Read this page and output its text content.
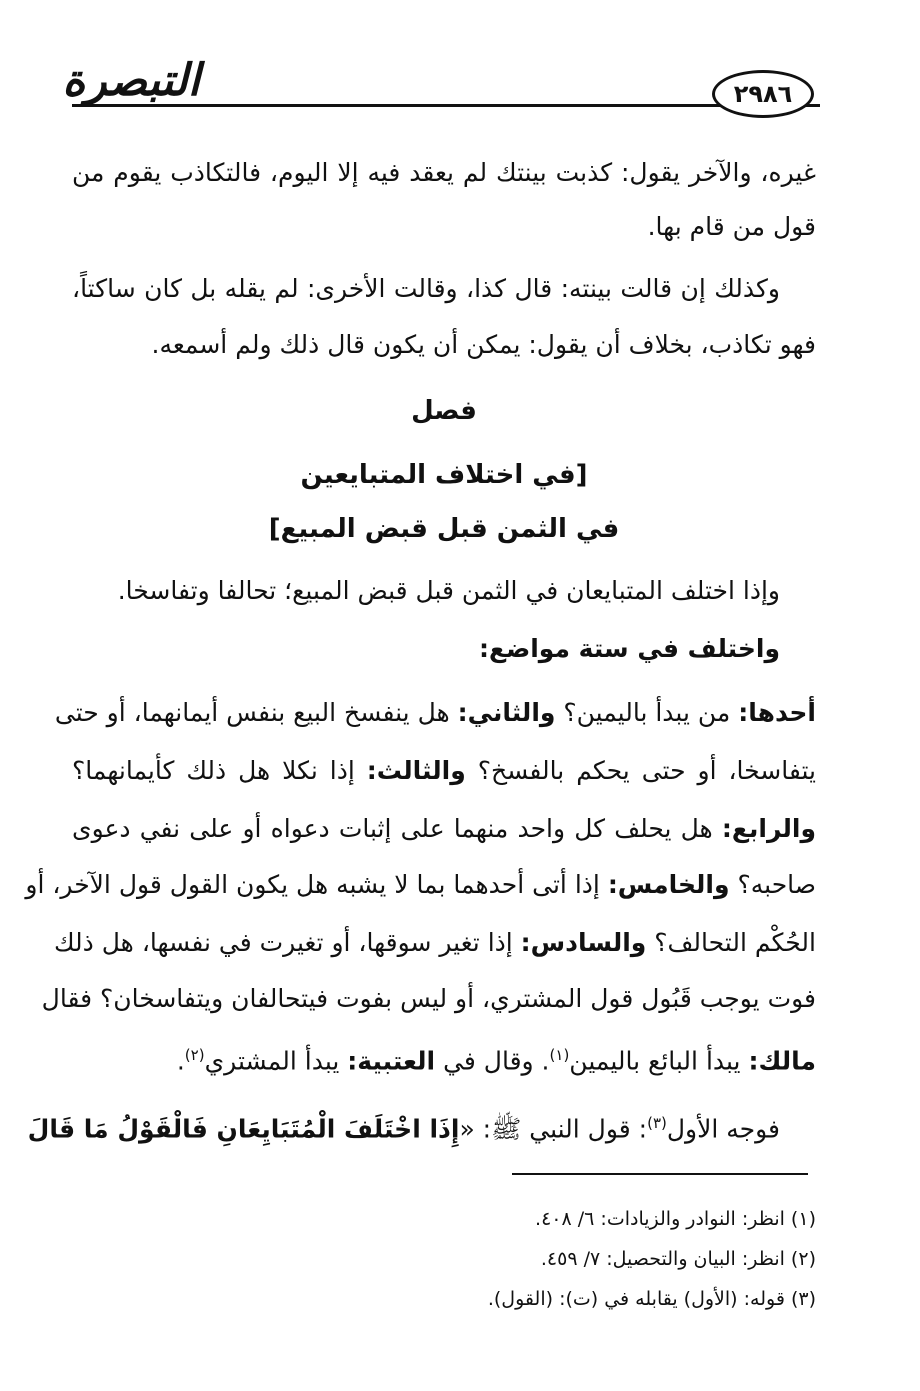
التبصرة	٢٩٨٦
غيره، والآخر يقول: كذبت بينتك لم يعقد فيه إلا اليوم، فالتكاذب يقوم من
قول من قام بها.
وكذلك إن قالت بينته: قال كذا، وقالت الأخرى: لم يقله بل كان ساكتاً،
فهو تكاذب، بخلاف أن يقول: يمكن أن يكون قال ذلك ولم أسمعه.
فصل
[في اختلاف المتبايعين
في الثمن قبل قبض المبيع]
وإذا اختلف المتبايعان في الثمن قبل قبض المبيع؛ تحالفا وتفاسخا.
واختلف في ستة مواضع:
أحدها: من يبدأ باليمين؟ والثاني: هل ينفسخ البيع بنفس أيمانهما، أو حتى
يتفاسخا، أو حتى يحكم بالفسخ؟ والثالث: إذا نكلا هل ذلك كأيمانهما؟
والرابع: هل يحلف كل واحد منهما على إثبات دعواه أو على نفي دعوى
صاحبه؟ والخامس: إذا أتى أحدهما بما لا يشبه هل يكون القول قول الآخر، أو
الحُكْم التحالف؟ والسادس: إذا تغير سوقها، أو تغيرت في نفسها، هل ذلك
فوت يوجب قَبُول قول المشتري، أو ليس بفوت فيتحالفان ويتفاسخان؟ فقال
مالك: يبدأ البائع باليمين$^{(١)}$. وقال في العتبية: يبدأ المشتري$^{(٢)}$.
فوجه الأول$^{(٣)}$: قول النبي ﷺ: «إِذَا اخْتَلَفَ الْمُتَبَايِعَانِ فَالْقَوْلُ مَا قَالَ
(١) انظر: النوادر والزيادات: ٦/ ٤٠٨.
(٢) انظر: البيان والتحصيل: ٧/ ٤٥٩.
(٣) قوله: (الأول) يقابله في (ت): (القول).
